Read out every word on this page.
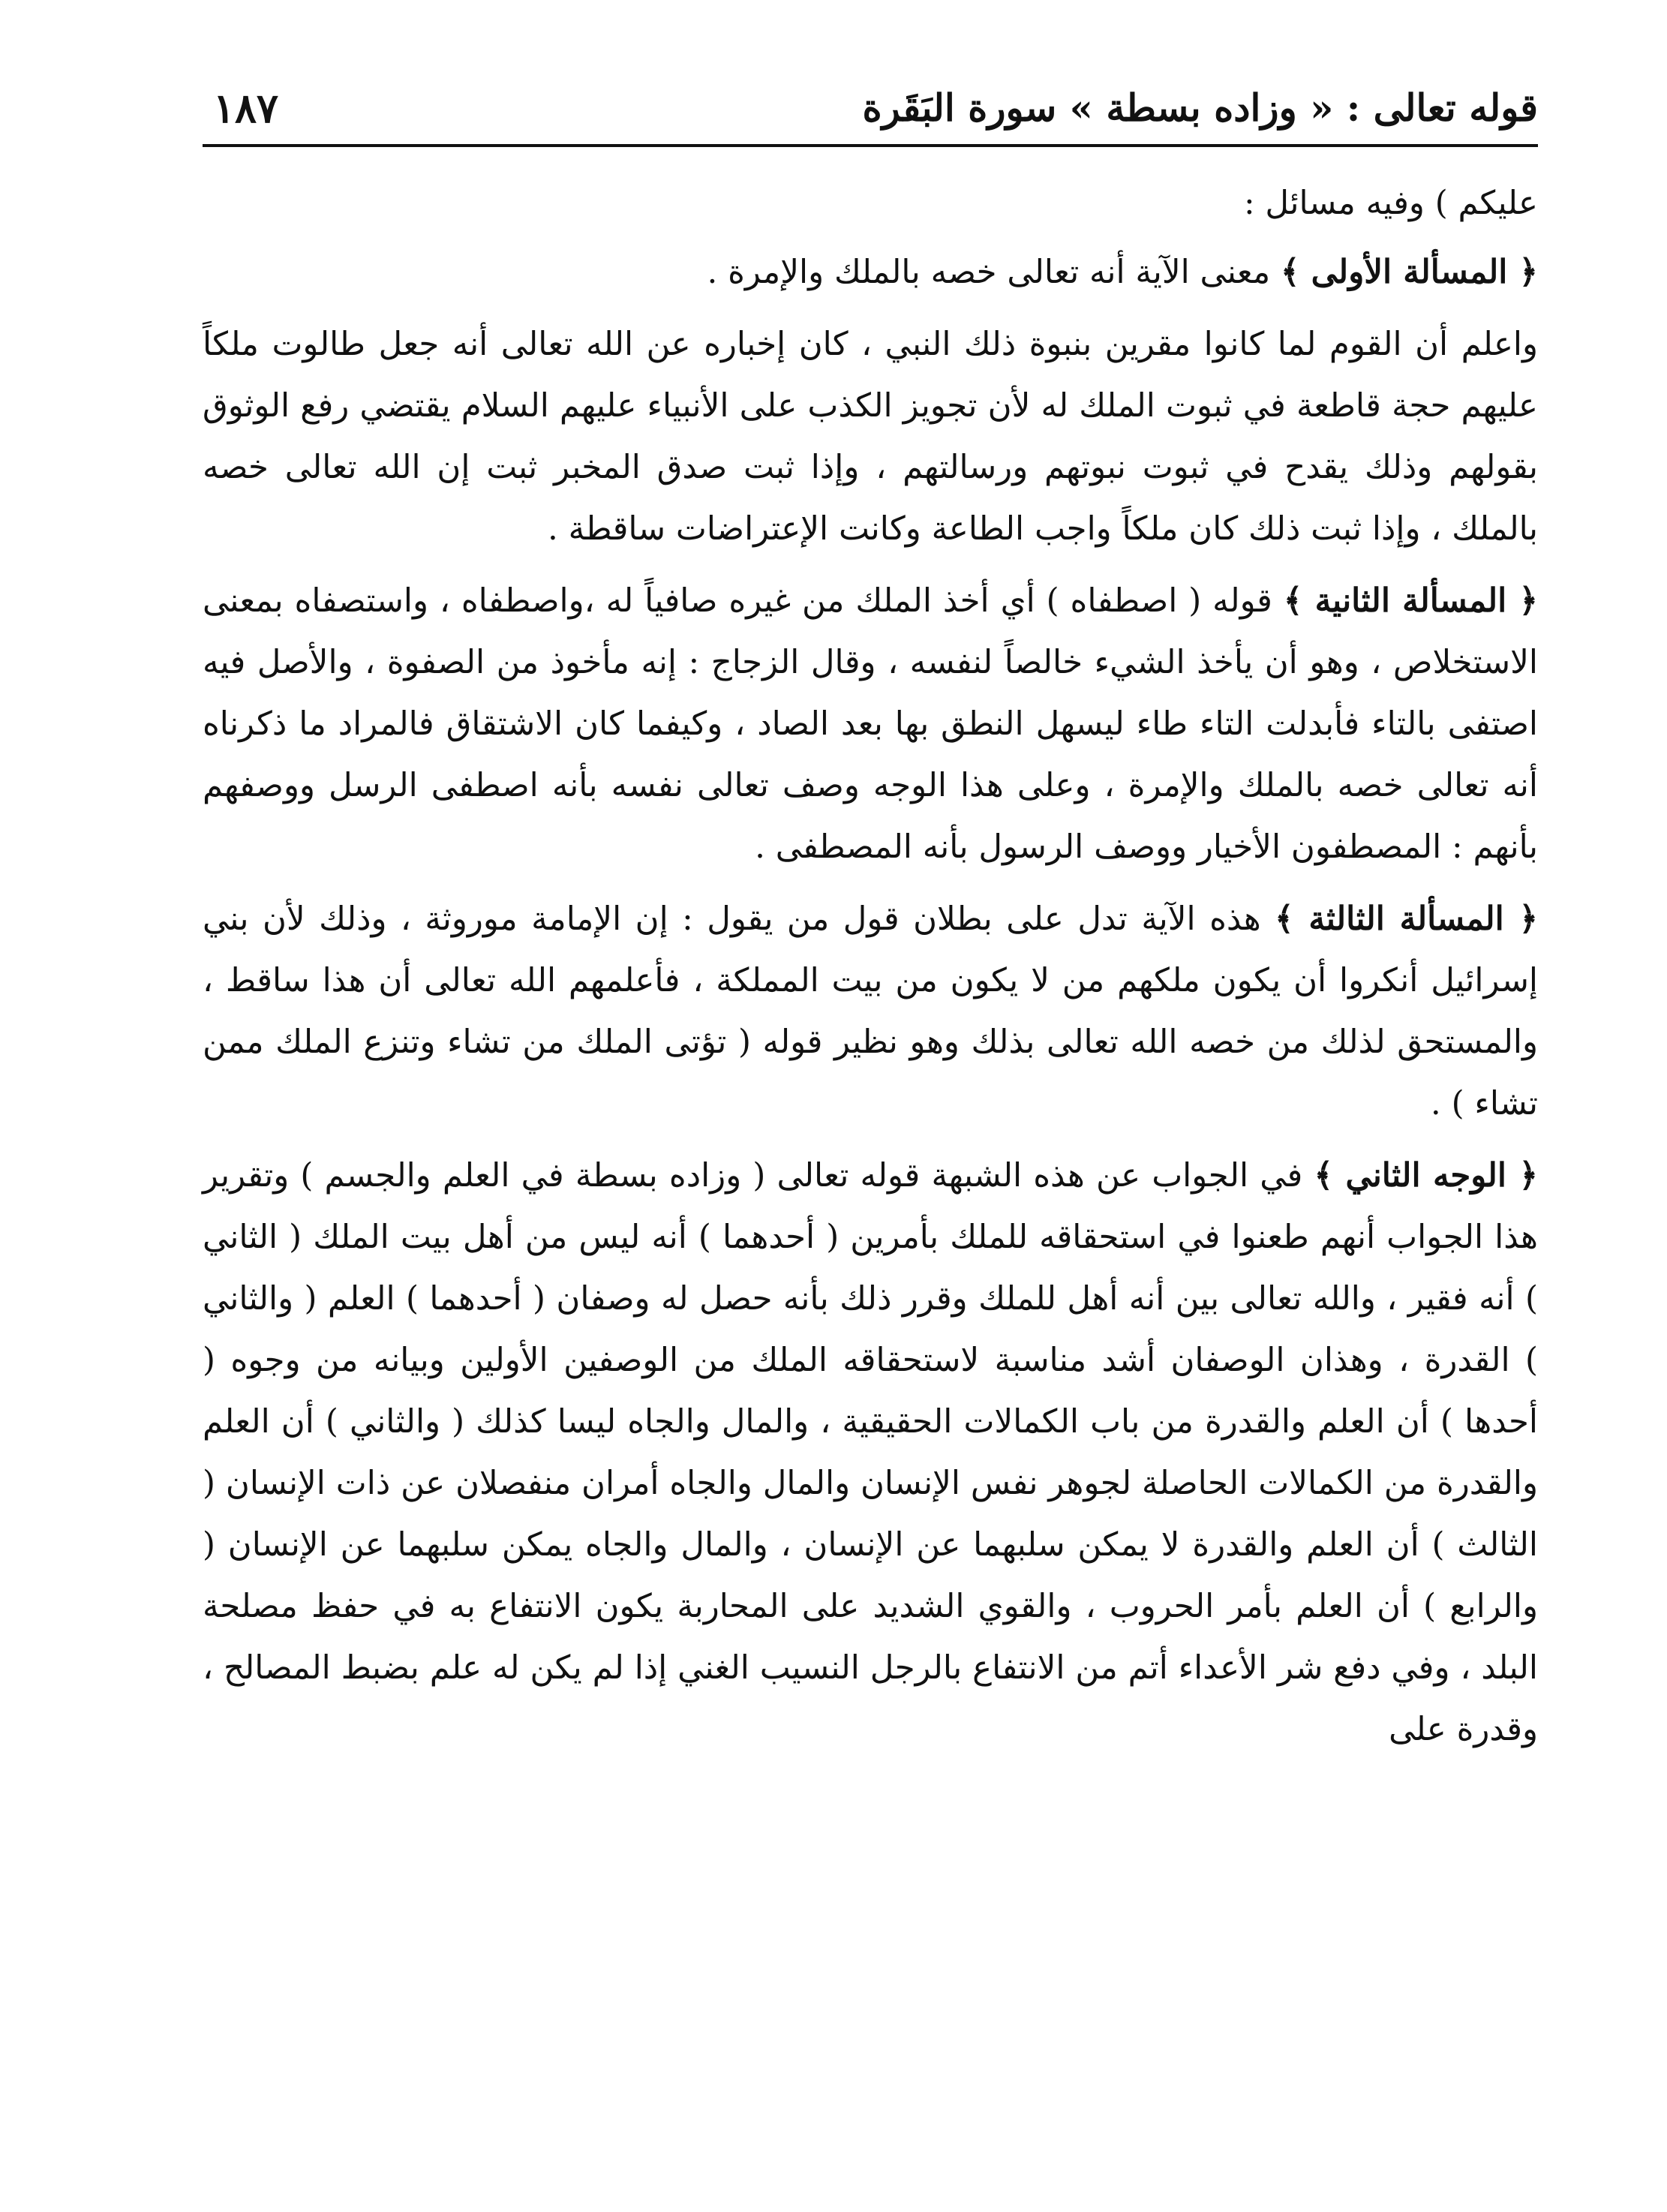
قوله تعالى : « وزاده بسطة » سورة البَقَرة
١٨٧

عليكم ) وفيه مسائل :

﴿ المسألة الأولى ﴾ معنى الآية أنه تعالى خصه بالملك والإمرة .

واعلم أن القوم لما كانوا مقرين بنبوة ذلك النبي ، كان إخباره عن الله تعالى أنه جعل طالوت ملكاً عليهم حجة قاطعة في ثبوت الملك له لأن تجويز الكذب على الأنبياء عليهم السلام يقتضي رفع الوثوق بقولهم وذلك يقدح في ثبوت نبوتهم ورسالتهم ، وإذا ثبت صدق المخبر ثبت إن الله تعالى خصه بالملك ، وإذا ثبت ذلك كان ملكاً واجب الطاعة وكانت الإعتراضات ساقطة .

﴿ المسألة الثانية ﴾ قوله ( اصطفاه ) أي أخذ الملك من غيره صافياً له ،واصطفاه ، واستصفاه بمعنى الاستخلاص ، وهو أن يأخذ الشيء خالصاً لنفسه ، وقال الزجاج : إنه مأخوذ من الصفوة ، والأصل فيه اصتفى بالتاء فأبدلت التاء طاء ليسهل النطق بها بعد الصاد ، وكيفما كان الاشتقاق فالمراد ما ذكرناه أنه تعالى خصه بالملك والإمرة ، وعلى هذا الوجه وصف تعالى نفسه بأنه اصطفى الرسل ووصفهم بأنهم : المصطفون الأخيار ووصف الرسول بأنه المصطفى .

﴿ المسألة الثالثة ﴾ هذه الآية تدل على بطلان قول من يقول : إن الإمامة موروثة ، وذلك لأن بني إسرائيل أنكروا أن يكون ملكهم من لا يكون من بيت المملكة ، فأعلمهم الله تعالى أن هذا ساقط ، والمستحق لذلك من خصه الله تعالى بذلك وهو نظير قوله ( تؤتى الملك من تشاء وتنزع الملك ممن تشاء ) .

﴿ الوجه الثاني ﴾ في الجواب عن هذه الشبهة قوله تعالى ( وزاده بسطة في العلم والجسم ) وتقرير هذا الجواب أنهم طعنوا في استحقاقه للملك بأمرين ( أحدهما ) أنه ليس من أهل بيت الملك ( الثاني ) أنه فقير ، والله تعالى بين أنه أهل للملك وقرر ذلك بأنه حصل له وصفان ( أحدهما ) العلم ( والثاني ) القدرة ، وهذان الوصفان أشد مناسبة لاستحقاقه الملك من الوصفين الأولين وبيانه من وجوه ( أحدها ) أن العلم والقدرة من باب الكمالات الحقيقية ، والمال والجاه ليسا كذلك ( والثاني ) أن العلم والقدرة من الكمالات الحاصلة لجوهر نفس الإنسان والمال والجاه أمران منفصلان عن ذات الإنسان ( الثالث ) أن العلم والقدرة لا يمكن سلبهما عن الإنسان ، والمال والجاه يمكن سلبهما عن الإنسان ( والرابع ) أن العلم بأمر الحروب ، والقوي الشديد على المحاربة يكون الانتفاع به في حفظ مصلحة البلد ، وفي دفع شر الأعداء أتم من الانتفاع بالرجل النسيب الغني إذا لم يكن له علم بضبط المصالح ، وقدرة على
